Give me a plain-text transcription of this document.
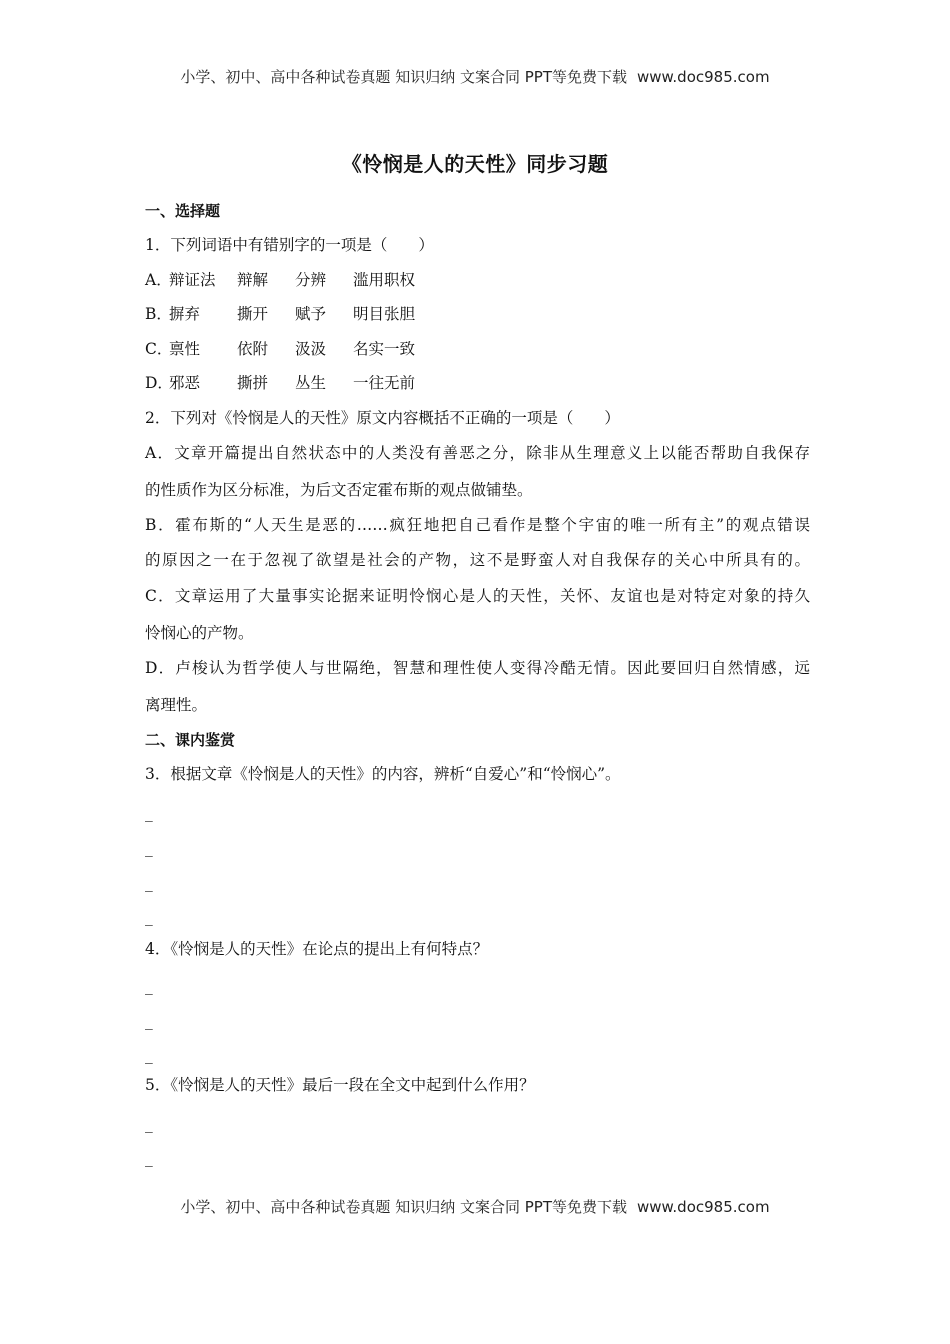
小学、初中、高中各种试卷真题 知识归纳 文案合同 PPT等免费下载 www.doc985.com
《怜悯是人的天性》同步习题
一、选择题
1．下列词语中有错别字的一项是（　　）
A．辩证法 辩解 分辨 滥用职权
B．摒弃 撕开 赋予 明目张胆
C．禀性 依附 汲汲 名实一致
D．邪恶 撕拼 丛生 一往无前
2．下列对《怜悯是人的天性》原文内容概括不正确的一项是（　　）
A．文章开篇提出自然状态中的人类没有善恶之分，除非从生理意义上以能否帮助自我保存
的性质作为区分标准，为后文否定霍布斯的观点做铺垫。
B．霍布斯的“人天生是恶的……疯狂地把自己看作是整个宇宙的唯一所有主”的观点错误
的原因之一在于忽视了欲望是社会的产物，这不是野蛮人对自我保存的关心中所具有的。
C．文章运用了大量事实论据来证明怜悯心是人的天性，关怀、友谊也是对特定对象的持久
怜悯心的产物。
D．卢梭认为哲学使人与世隔绝，智慧和理性使人变得冷酷无情。因此要回归自然情感，远
离理性。
二、课内鉴赏
3．根据文章《怜悯是人的天性》的内容，辨析“自爱心”和“怜悯心”。
_
_
_
_
4．《怜悯是人的天性》在论点的提出上有何特点？
_
_
_
5．《怜悯是人的天性》最后一段在全文中起到什么作用？
_
_
小学、初中、高中各种试卷真题 知识归纳 文案合同 PPT等免费下载 www.doc985.com
